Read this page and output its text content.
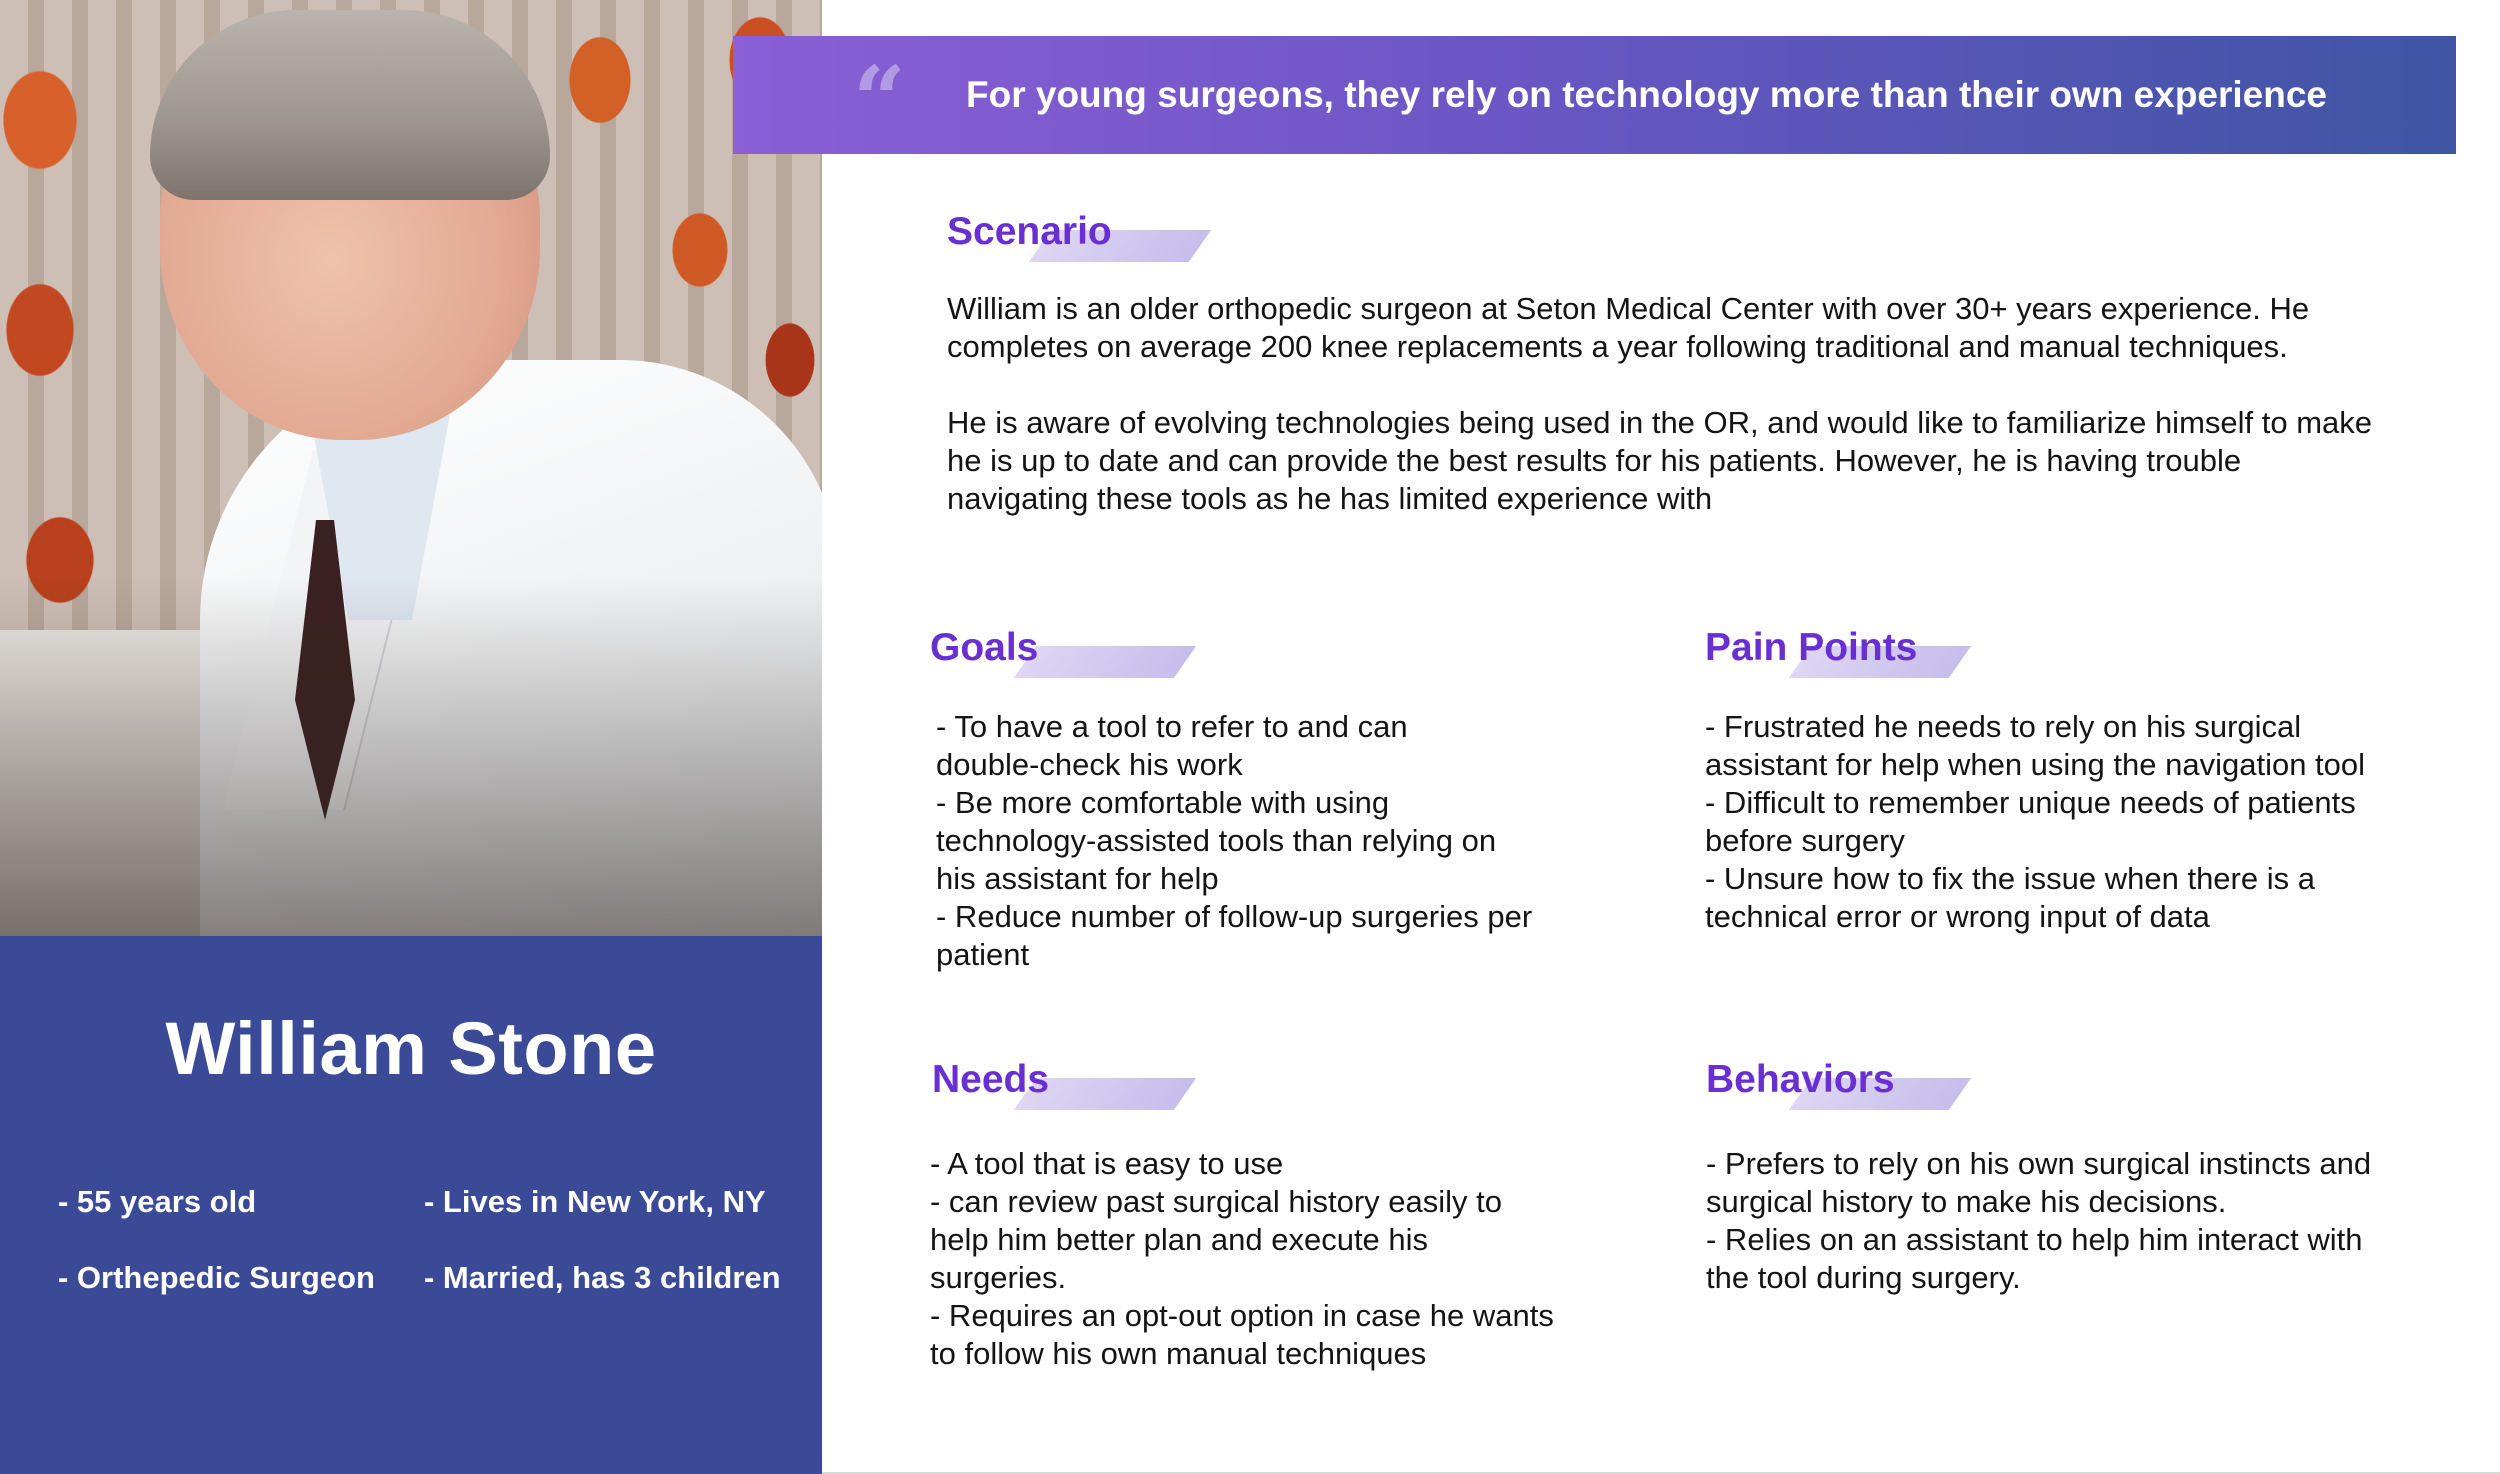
William Stone
- 55 years old	- Lives in New York, NY
- Orthepedic Surgeon - Married, has 3 children
“ For young surgeons, they rely on technology more than their own experience
Scenario

William is an older orthopedic surgeon at Seton Medical Center with over 30+ years experience. He

completes on average 200 knee replacements a year following traditional and manual techniques.

He is aware of evolving technologies being used in the OR, and would like to familiarize himself to make

he is up to date and can provide the best results for his patients. However, he is having trouble

navigating these tools as he has limited experience with

Goals

- To have a tool to refer to and can

double-check his work

- Be more comfortable with using

technology-assisted tools than relying on

his assistant for help

- Reduce number of follow-up surgeries per

patient

Pain Points

- Frustrated he needs to rely on his surgical

assistant for help when using the navigation tool

- Difficult to remember unique needs of patients

before surgery

- Unsure how to fix the issue when there is a

technical error or wrong input of data

Needs

- A tool that is easy to use

- can review past surgical history easily to

help him better plan and execute his

surgeries.

- Requires an opt-out option in case he wants

to follow his own manual techniques

Behaviors

- Prefers to rely on his own surgical instincts and

surgical history to make his decisions.

- Relies on an assistant to help him interact with

the tool during surgery.
